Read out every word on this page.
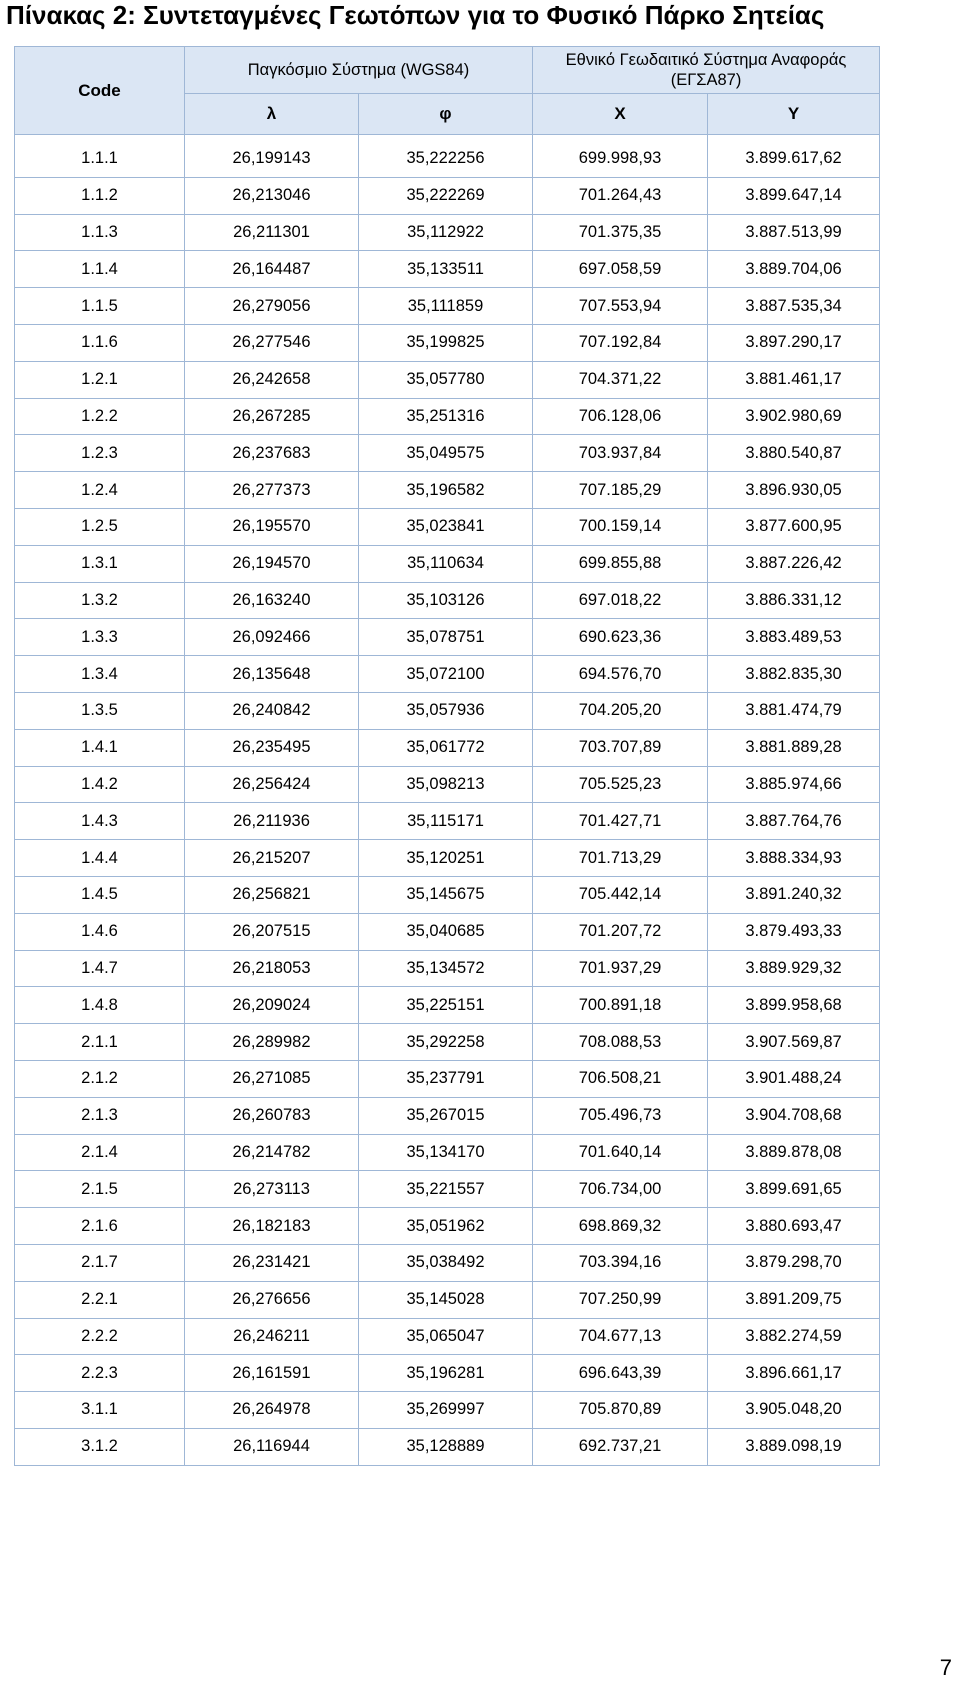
Πίνακας 2: Συντεταγμένες Γεωτόπων για το Φυσικό Πάρκο Σητείας
Code	Παγκόσμιο Σύστημα (WGS84)		Εθνικό Γεωδαιτικό Σύστημα Αναφοράς (ΕΓΣΑ87)	
	λ	φ	X	Y
1.1.1	26,199143	35,222256	699.998,93	3.899.617,62
1.1.2	26,213046	35,222269	701.264,43	3.899.647,14
1.1.3	26,211301	35,112922	701.375,35	3.887.513,99
1.1.4	26,164487	35,133511	697.058,59	3.889.704,06
1.1.5	26,279056	35,111859	707.553,94	3.887.535,34
1.1.6	26,277546	35,199825	707.192,84	3.897.290,17
1.2.1	26,242658	35,057780	704.371,22	3.881.461,17
1.2.2	26,267285	35,251316	706.128,06	3.902.980,69
1.2.3	26,237683	35,049575	703.937,84	3.880.540,87
1.2.4	26,277373	35,196582	707.185,29	3.896.930,05
1.2.5	26,195570	35,023841	700.159,14	3.877.600,95
1.3.1	26,194570	35,110634	699.855,88	3.887.226,42
1.3.2	26,163240	35,103126	697.018,22	3.886.331,12
1.3.3	26,092466	35,078751	690.623,36	3.883.489,53
1.3.4	26,135648	35,072100	694.576,70	3.882.835,30
1.3.5	26,240842	35,057936	704.205,20	3.881.474,79
1.4.1	26,235495	35,061772	703.707,89	3.881.889,28
1.4.2	26,256424	35,098213	705.525,23	3.885.974,66
1.4.3	26,211936	35,115171	701.427,71	3.887.764,76
1.4.4	26,215207	35,120251	701.713,29	3.888.334,93
1.4.5	26,256821	35,145675	705.442,14	3.891.240,32
1.4.6	26,207515	35,040685	701.207,72	3.879.493,33
1.4.7	26,218053	35,134572	701.937,29	3.889.929,32
1.4.8	26,209024	35,225151	700.891,18	3.899.958,68
2.1.1	26,289982	35,292258	708.088,53	3.907.569,87
2.1.2	26,271085	35,237791	706.508,21	3.901.488,24
2.1.3	26,260783	35,267015	705.496,73	3.904.708,68
2.1.4	26,214782	35,134170	701.640,14	3.889.878,08
2.1.5	26,273113	35,221557	706.734,00	3.899.691,65
2.1.6	26,182183	35,051962	698.869,32	3.880.693,47
2.1.7	26,231421	35,038492	703.394,16	3.879.298,70
2.2.1	26,276656	35,145028	707.250,99	3.891.209,75
2.2.2	26,246211	35,065047	704.677,13	3.882.274,59
2.2.3	26,161591	35,196281	696.643,39	3.896.661,17
3.1.1	26,264978	35,269997	705.870,89	3.905.048,20
3.1.2	26,116944	35,128889	692.737,21	3.889.098,19
7
